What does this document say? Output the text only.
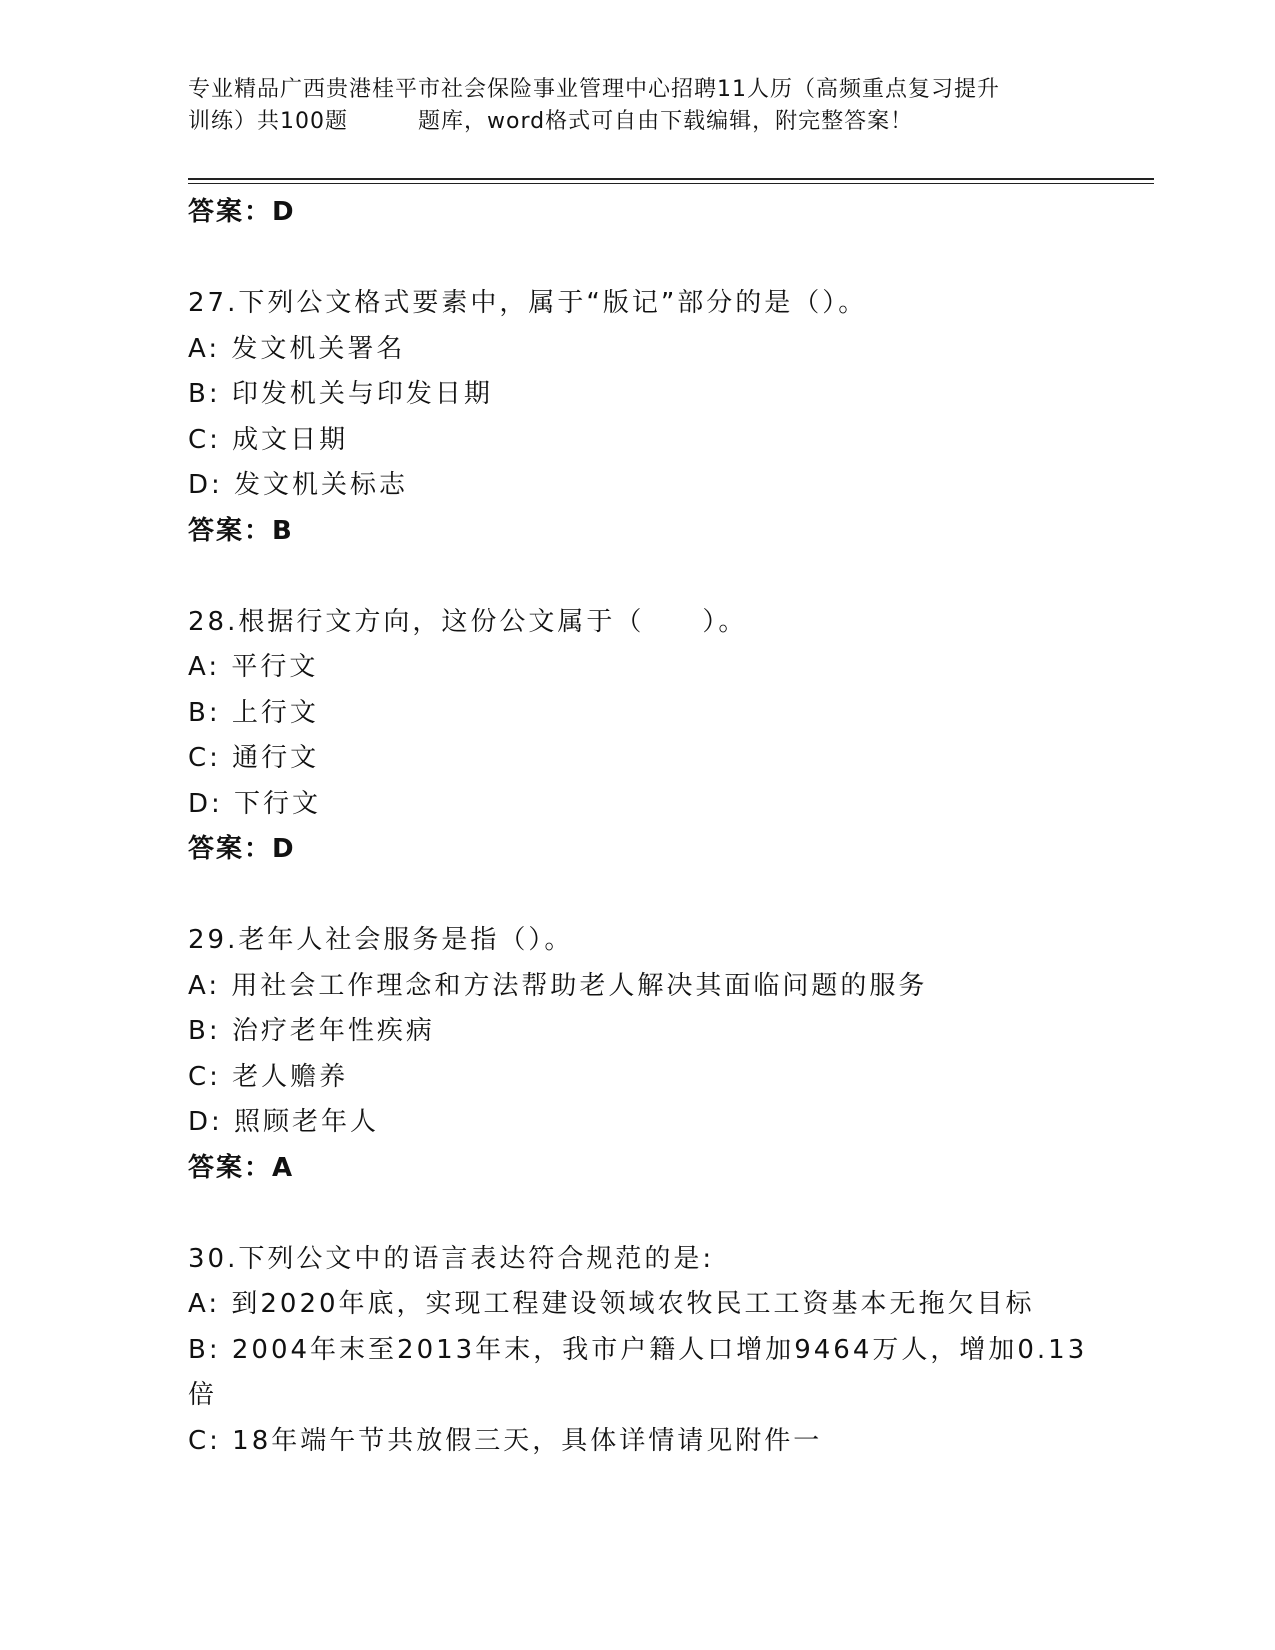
专业精品广西贵港桂平市社会保险事业管理中心招聘11人历（高频重点复习提升
训练）共100题	题库，word格式可自由下载编辑，附完整答案！
答案：D
27.下列公文格式要素中，属于“版记”部分的是（）。
A: 发文机关署名
B: 印发机关与印发日期
C: 成文日期
D: 发文机关标志
答案：B
28.根据行文方向，这份公文属于（　　）。
A: 平行文
B: 上行文
C: 通行文
D: 下行文
答案：D
29.老年人社会服务是指（）。
A: 用社会工作理念和方法帮助老人解决其面临问题的服务
B: 治疗老年性疾病
C: 老人赡养
D: 照顾老年人
答案：A
30.下列公文中的语言表达符合规范的是:
A: 到2020年底，实现工程建设领域农牧民工工资基本无拖欠目标
B: 2004年末至2013年末，我市户籍人口增加9464万人，增加0.13
倍
C: 18年端午节共放假三天，具体详情请见附件一
